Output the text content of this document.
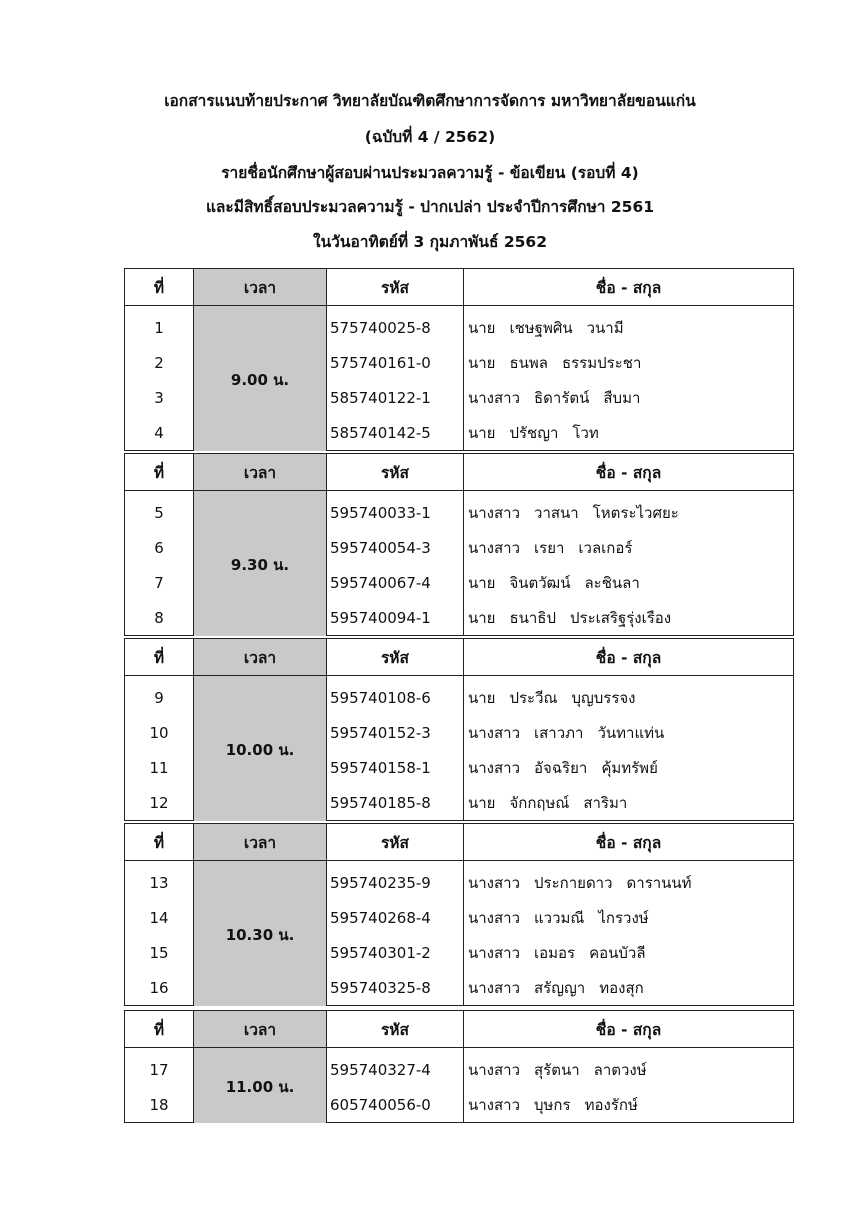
เอกสารแนบท้ายประกาศ วิทยาลัยบัณฑิตศึกษาการจัดการ มหาวิทยาลัยขอนแก่น
(ฉบับที่ 4 / 2562)
รายชื่อนักศึกษาผู้สอบผ่านประมวลความรู้ - ข้อเขียน (รอบที่ 4)
และมีสิทธิ์สอบประมวลความรู้ - ปากเปล่า ประจำปีการศึกษา 2561
ในวันอาทิตย์ที่ 3 กุมภาพันธ์ 2562
ที่	เวลา	รหัส	ชื่อ - สกุล
1	9.00 น.	575740025-8	นาย เชษฐพศิน วนามี
2		575740161-0	นาย ธนพล ธรรมประชา
3		585740122-1	นางสาว ธิดารัตน์ สืบมา
4		585740142-5	นาย ปรัชญา โวท
ที่	เวลา	รหัส	ชื่อ - สกุล
5	9.30 น.	595740033-1	นางสาว วาสนา โหตระไวศยะ
6		595740054-3	นางสาว เรยา เวลเกอร์
7		595740067-4	นาย จินตวัฒน์ ละชินลา
8		595740094-1	นาย ธนาธิป ประเสริฐรุ่งเรือง
ที่	เวลา	รหัส	ชื่อ - สกุล
9	10.00 น.	595740108-6	นาย ประวีณ บุญบรรจง
10		595740152-3	นางสาว เสาวภา วันทาแท่น
11		595740158-1	นางสาว อัจฉริยา คุ้มทรัพย์
12		595740185-8	นาย จักกฤษณ์ สาริมา
ที่	เวลา	รหัส	ชื่อ - สกุล
13	10.30 น.	595740235-9	นางสาว ประกายดาว ดารานนท์
14		595740268-4	นางสาว แววมณี ไกรวงษ์
15		595740301-2	นางสาว เอมอร คอนบัวลี
16		595740325-8	นางสาว สรัญญา ทองสุก
ที่	เวลา	รหัส	ชื่อ - สกุล
17	11.00 น.	595740327-4	นางสาว สุรัตนา ลาตวงษ์
18		605740056-0	นางสาว บุษกร ทองรักษ์
